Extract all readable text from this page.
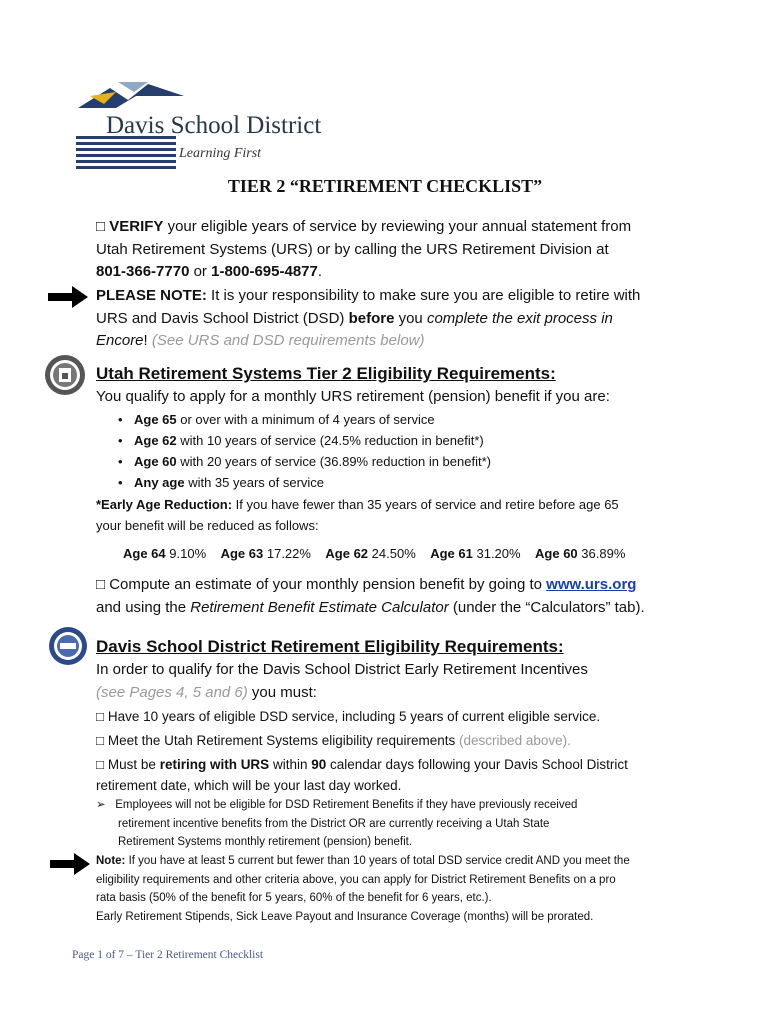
Davis School District
Learning First
TIER 2 “RETIREMENT CHECKLIST”
□ VERIFY your eligible years of service by reviewing your annual statement from
Utah Retirement Systems (URS) or by calling the URS Retirement Division at
801-366-7770 or 1-800-695-4877.
PLEASE NOTE: It is your responsibility to make sure you are eligible to retire with
URS and Davis School District (DSD) before you complete the exit process in
Encore! (See URS and DSD requirements below)
Utah Retirement Systems Tier 2 Eligibility Requirements:
You qualify to apply for a monthly URS retirement (pension) benefit if you are:
• Age 65 or over with a minimum of 4 years of service
• Age 62 with 10 years of service (24.5% reduction in benefit*)
• Age 60 with 20 years of service (36.89% reduction in benefit*)
• Any age with 35 years of service
*Early Age Reduction: If you have fewer than 35 years of service and retire before age 65
your benefit will be reduced as follows:
Age 64 9.10% Age 63 17.22% Age 62 24.50% Age 61 31.20% Age 60 36.89%
□ Compute an estimate of your monthly pension benefit by going to www.urs.org
and using the Retirement Benefit Estimate Calculator (under the “Calculators” tab).
Davis School District Retirement Eligibility Requirements:
In order to qualify for the Davis School District Early Retirement Incentives
(see Pages 4, 5 and 6) you must:
□ Have 10 years of eligible DSD service, including 5 years of current eligible service.
□ Meet the Utah Retirement Systems eligibility requirements (described above).
□ Must be retiring with URS within 90 calendar days following your Davis School District
retirement date, which will be your last day worked.
➢ Employees will not be eligible for DSD Retirement Benefits if they have previously received
retirement incentive benefits from the District OR are currently receiving a Utah State
Retirement Systems monthly retirement (pension) benefit.
Note: If you have at least 5 current but fewer than 10 years of total DSD service credit AND you meet the
eligibility requirements and other criteria above, you can apply for District Retirement Benefits on a pro
rata basis (50% of the benefit for 5 years, 60% of the benefit for 6 years, etc.).
Early Retirement Stipends, Sick Leave Payout and Insurance Coverage (months) will be prorated.
Page 1 of 7 – Tier 2 Retirement Checklist
